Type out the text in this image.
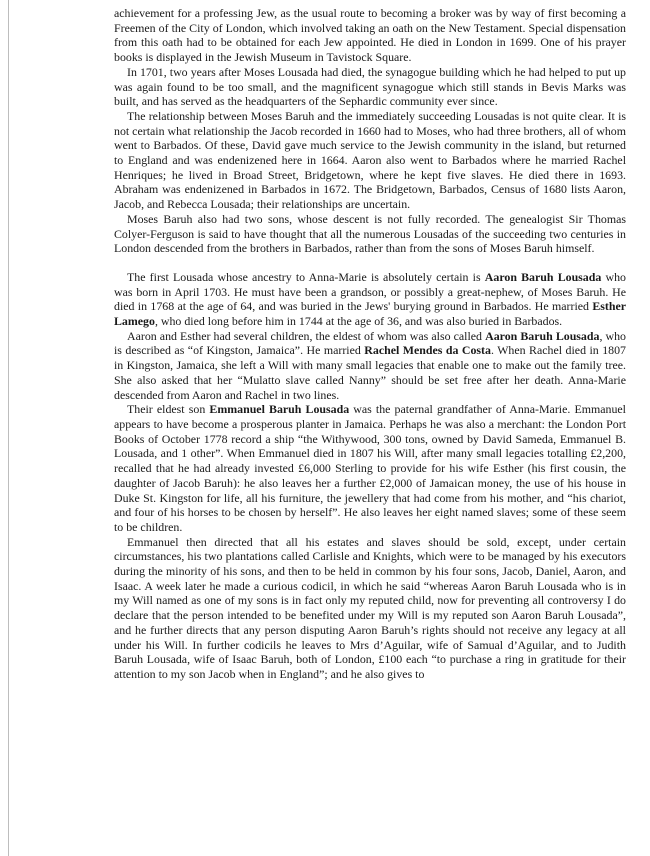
achievement for a professing Jew, as the usual route to becoming a broker was by way of first becoming a Freemen of the City of London, which involved taking an oath on the New Testament. Special dispensation from this oath had to be obtained for each Jew appointed. He died in London in 1699. One of his prayer books is displayed in the Jewish Museum in Tavistock Square.

In 1701, two years after Moses Lousada had died, the synagogue building which he had helped to put up was again found to be too small, and the magnificent synagogue which still stands in Bevis Marks was built, and has served as the headquarters of the Sephardic community ever since.

The relationship between Moses Baruh and the immediately succeeding Lousadas is not quite clear. It is not certain what relationship the Jacob recorded in 1660 had to Moses, who had three brothers, all of whom went to Barbados. Of these, David gave much service to the Jewish community in the island, but returned to England and was endenizened here in 1664. Aaron also went to Barbados where he married Rachel Henriques; he lived in Broad Street, Bridgetown, where he kept five slaves. He died there in 1693. Abraham was endenizened in Barbados in 1672. The Bridgetown, Barbados, Census of 1680 lists Aaron, Jacob, and Rebecca Lousada; their relationships are uncertain.

Moses Baruh also had two sons, whose descent is not fully recorded. The genealogist Sir Thomas Colyer-Ferguson is said to have thought that all the numerous Lousadas of the succeeding two centuries in London descended from the brothers in Barbados, rather than from the sons of Moses Baruh himself.

The first Lousada whose ancestry to Anna-Marie is absolutely certain is Aaron Baruh Lousada who was born in April 1703. He must have been a grandson, or possibly a great-nephew, of Moses Baruh. He died in 1768 at the age of 64, and was buried in the Jews' burying ground in Barbados. He married Esther Lamego, who died long before him in 1744 at the age of 36, and was also buried in Barbados.

Aaron and Esther had several children, the eldest of whom was also called Aaron Baruh Lousada, who is described as “of Kingston, Jamaica”. He married Rachel Mendes da Costa. When Rachel died in 1807 in Kingston, Jamaica, she left a Will with many small legacies that enable one to make out the family tree. She also asked that her “Mulatto slave called Nanny” should be set free after her death. Anna-Marie descended from Aaron and Rachel in two lines.

Their eldest son Emmanuel Baruh Lousada was the paternal grandfather of Anna-Marie. Emmanuel appears to have become a prosperous planter in Jamaica. Perhaps he was also a merchant: the London Port Books of October 1778 record a ship “the Withywood, 300 tons, owned by David Sameda, Emmanuel B. Lousada, and 1 other”. When Emmanuel died in 1807 his Will, after many small legacies totalling £2,200, recalled that he had already invested £6,000 Sterling to provide for his wife Esther (his first cousin, the daughter of Jacob Baruh): he also leaves her a further £2,000 of Jamaican money, the use of his house in Duke St. Kingston for life, all his furniture, the jewellery that had come from his mother, and “his chariot, and four of his horses to be chosen by herself”. He also leaves her eight named slaves; some of these seem to be children.

Emmanuel then directed that all his estates and slaves should be sold, except, under certain circumstances, his two plantations called Carlisle and Knights, which were to be managed by his executors during the minority of his sons, and then to be held in common by his four sons, Jacob, Daniel, Aaron, and Isaac. A week later he made a curious codicil, in which he said “whereas Aaron Baruh Lousada who is in my Will named as one of my sons is in fact only my reputed child, now for preventing all controversy I do declare that the person intended to be benefited under my Will is my reputed son Aaron Baruh Lousada”, and he further directs that any person disputing Aaron Baruh’s rights should not receive any legacy at all under his Will. In further codicils he leaves to Mrs d’Aguilar, wife of Samual d’Aguilar, and to Judith Baruh Lousada, wife of Isaac Baruh, both of London, £100 each “to purchase a ring in gratitude for their attention to my son Jacob when in England”; and he also gives to
